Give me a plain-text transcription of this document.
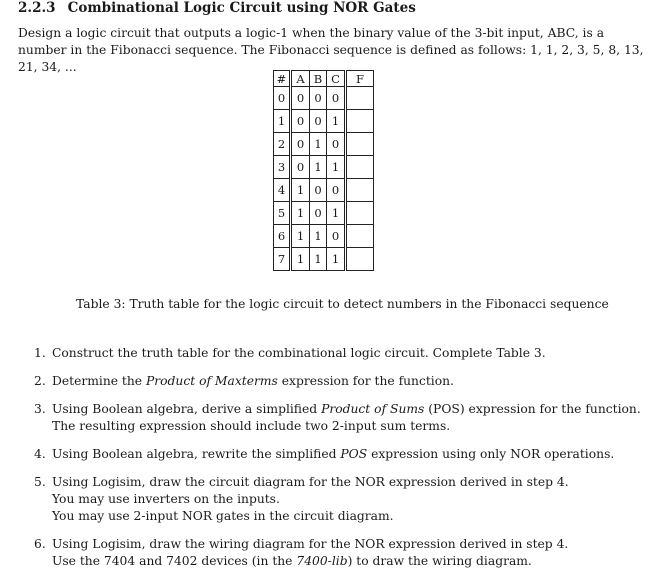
2.2.3 Combinational Logic Circuit using NOR Gates
Design a logic circuit that outputs a logic-1 when the binary value of the 3-bit input, ABC, is a number in the Fibonacci sequence. The Fibonacci sequence is defined as follows: 1, 1, 2, 3, 5, 8, 13, 21, 34, ...
#	A	B	C	F
0	0	0	0	
1	0	0	1	
2	0	1	0	
3	0	1	1	
4	1	0	0	
5	1	0	1	
6	1	1	0	
7	1	1	1	
Table 3: Truth table for the logic circuit to detect numbers in the Fibonacci sequence
1. Construct the truth table for the combinational logic circuit. Complete Table 3.
2. Determine the Product of Maxterms expression for the function.
3. Using Boolean algebra, derive a simplified Product of Sums (POS) expression for the function.
The resulting expression should include two 2-input sum terms.
4. Using Boolean algebra, rewrite the simplified POS expression using only NOR operations.
5. Using Logisim, draw the circuit diagram for the NOR expression derived in step 4.
You may use inverters on the inputs.
You may use 2-input NOR gates in the circuit diagram.
6. Using Logisim, draw the wiring diagram for the NOR expression derived in step 4.
Use the 7404 and 7402 devices (in the 7400-lib) to draw the wiring diagram.
